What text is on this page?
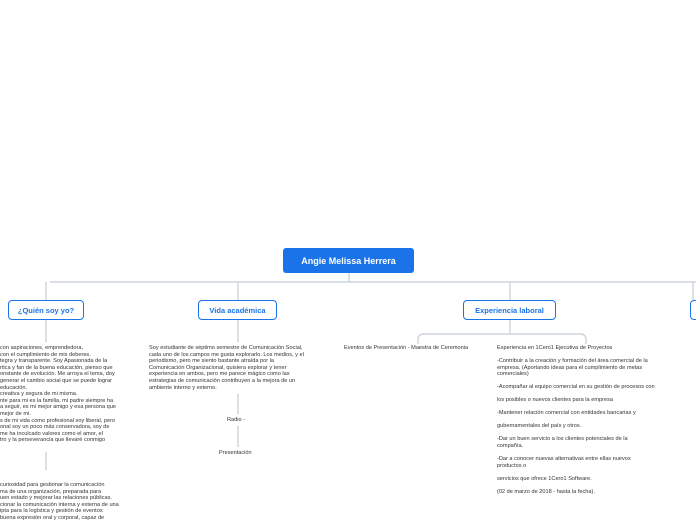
Angie Melissa Herrera
¿Quién soy yo?	Vida académica	Experiencia laboral

con aspiraciones, emprendedora,
con el cumplimiento de mis deberes.
tegra y transparente. Soy Apasionada de la
rtica y fan de la buena educación, pienso que
onstante de evolución. Me arroya el tema, doy
generar el cambio social que se puede lograr
educación.
creativa y segura de mi misma.
nte para mi es la familia, mi padre siempre ha
a seguir, es mi mejor amigo y esa persona que
mejor de mi.
s de mi vida como profesional soy liberal, pero
onal soy un poco más conservadora, soy de
me ha inculcado valores como el amor, el
tro y la perseverancia que llevaré conmigo

curiosidad para gestionar la comunicación
ma de una organización, preparada para
uen estado y mejorar las relaciones públicas.
cionar la comunicación interna y externa de una
ipta para la logística y gestión de eventos
buena expresión oral y corporal, capaz de

Soy estudiante de séptimo semestre de Comunicación Social,
cada uno de los campos me gusta explorarlo. Los medios, y el
periodismo, pero me siento bastante atraída por la
Comunicación Organizacional, quisiera explorar y tener
experiencia en ambos, pero me parece mágico como las
estrategias de comunicación contribuyen a la mejora de un
ambiente interno y externo.

Radio -

Presentación

Eventos de Presentación - Maestra de Ceremonia	Experiencia en 1Cero1 Ejecutiva de Proyectos

-Contribuir a la creación y formación del área comercial de la
empresa. (Aportando ideas para el cumplimiento de metas
comerciales)

-Acompañar al equipo comercial en su gestión de procesos con

los posibles o nuevos clientes para la empresa

-Mantener relación comercial con entidades bancarias y

gubernamentales del país y otros.

-Dar un buen servicio a los clientes potenciales de la
compañía.

-Dar a conocer nuevas alternativas entre ellas nuevos
productos o

servicios que ofrece 1Cero1 Software.

(02 de marzo de 2018 - hasta la fecha).
